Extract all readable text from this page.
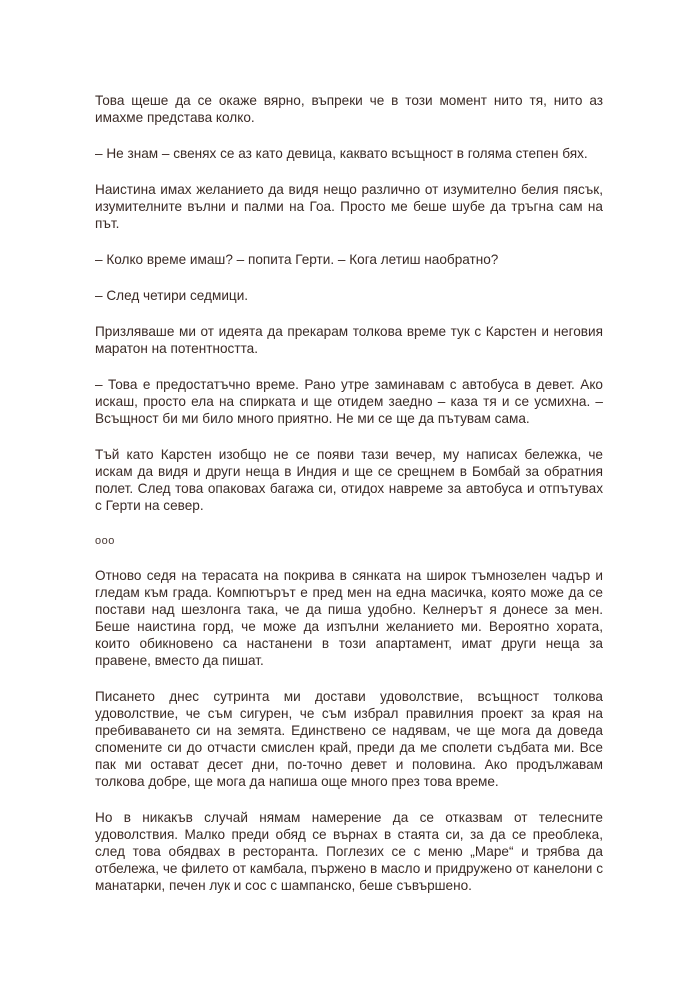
Това щеше да се окаже вярно, въпреки че в този момент нито тя, нито аз имахме представа колко.

– Не знам – свенях се аз като девица, каквато всъщност в голяма степен бях.

Наистина имах желанието да видя нещо различно от изумително белия пясък, изумителните вълни и палми на Гоа. Просто ме беше шубе да тръгна сам на път.

– Колко време имаш? – попита Герти. – Кога летиш наобратно?

– След четири седмици.

Призляваше ми от идеята да прекарам толкова време тук с Карстен и неговия маратон на потентността.

– Това е предостатъчно време. Рано утре заминавам с автобуса в девет. Ако искаш, просто ела на спирката и ще отидем заедно – каза тя и се усмихна. – Всъщност би ми било много приятно. Не ми се ще да пътувам сама.

Тъй като Карстен изобщо не се появи тази вечер, му написах бележка, че искам да видя и други неща в Индия и ще се срещнем в Бомбай за обратния полет. След това опаковах багажа си, отидох навреме за автобуса и отпътувах с Герти на север.

ooo

Отново седя на терасата на покрива в сянката на широк тъмнозелен чадър и гледам към града. Компютърът е пред мен на една масичка, която може да се постави над шезлонга така, че да пиша удобно. Келнерът я донесе за мен. Беше наистина горд, че може да изпълни желанието ми. Вероятно хората, които обикновено са настанени в този апартамент, имат други неща за правене, вместо да пишат.

Писането днес сутринта ми достави удоволствие, всъщност толкова удоволствие, че съм сигурен, че съм избрал правилния проект за края на пребиваването си на земята. Единствено се надявам, че ще мога да доведа спомените си до отчасти смислен край, преди да ме сполети съдбата ми. Все пак ми остават десет дни, по-точно девет и половина. Ако продължавам толкова добре, ще мога да напиша още много през това време.

Но в никакъв случай нямам намерение да се отказвам от телесните удоволствия. Малко преди обяд се върнах в стаята си, за да се преоблека, след това обядвах в ресторанта. Поглезих се с меню „Маре“ и трябва да отбележа, че филето от камбала, пържено в масло и придружено от канелони с манатарки, печен лук и сос с шампанско, беше съвършено.
